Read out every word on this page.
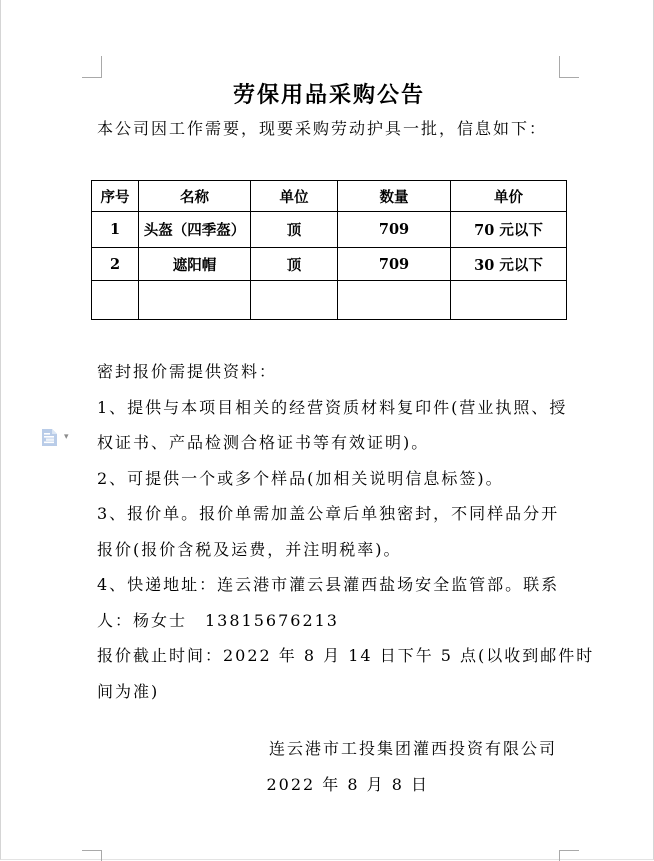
▾
劳保用品采购公告

本公司因工作需要，现要采购劳动护具一批，信息如下：

序号	名称	单位	数量	单价
1	头盔（四季盔）	顶	709	70 元以下
2	遮阳帽	顶	709	30 元以下

密封报价需提供资料：
1、提供与本项目相关的经营资质材料复印件(营业执照、授
权证书、产品检测合格证书等有效证明)。
2、可提供一个或多个样品(加相关说明信息标签)。
3、报价单。报价单需加盖公章后单独密封，不同样品分开
报价(报价含税及运费，并注明税率)。
4、快递地址：连云港市灌云县灌西盐场安全监管部。联系
人：杨女士　13815676213
报价截止时间：2022 年 8 月 14 日下午 5 点(以收到邮件时
间为准)
连云港市工投集团灌西投资有限公司
2022 年 8 月 8 日
